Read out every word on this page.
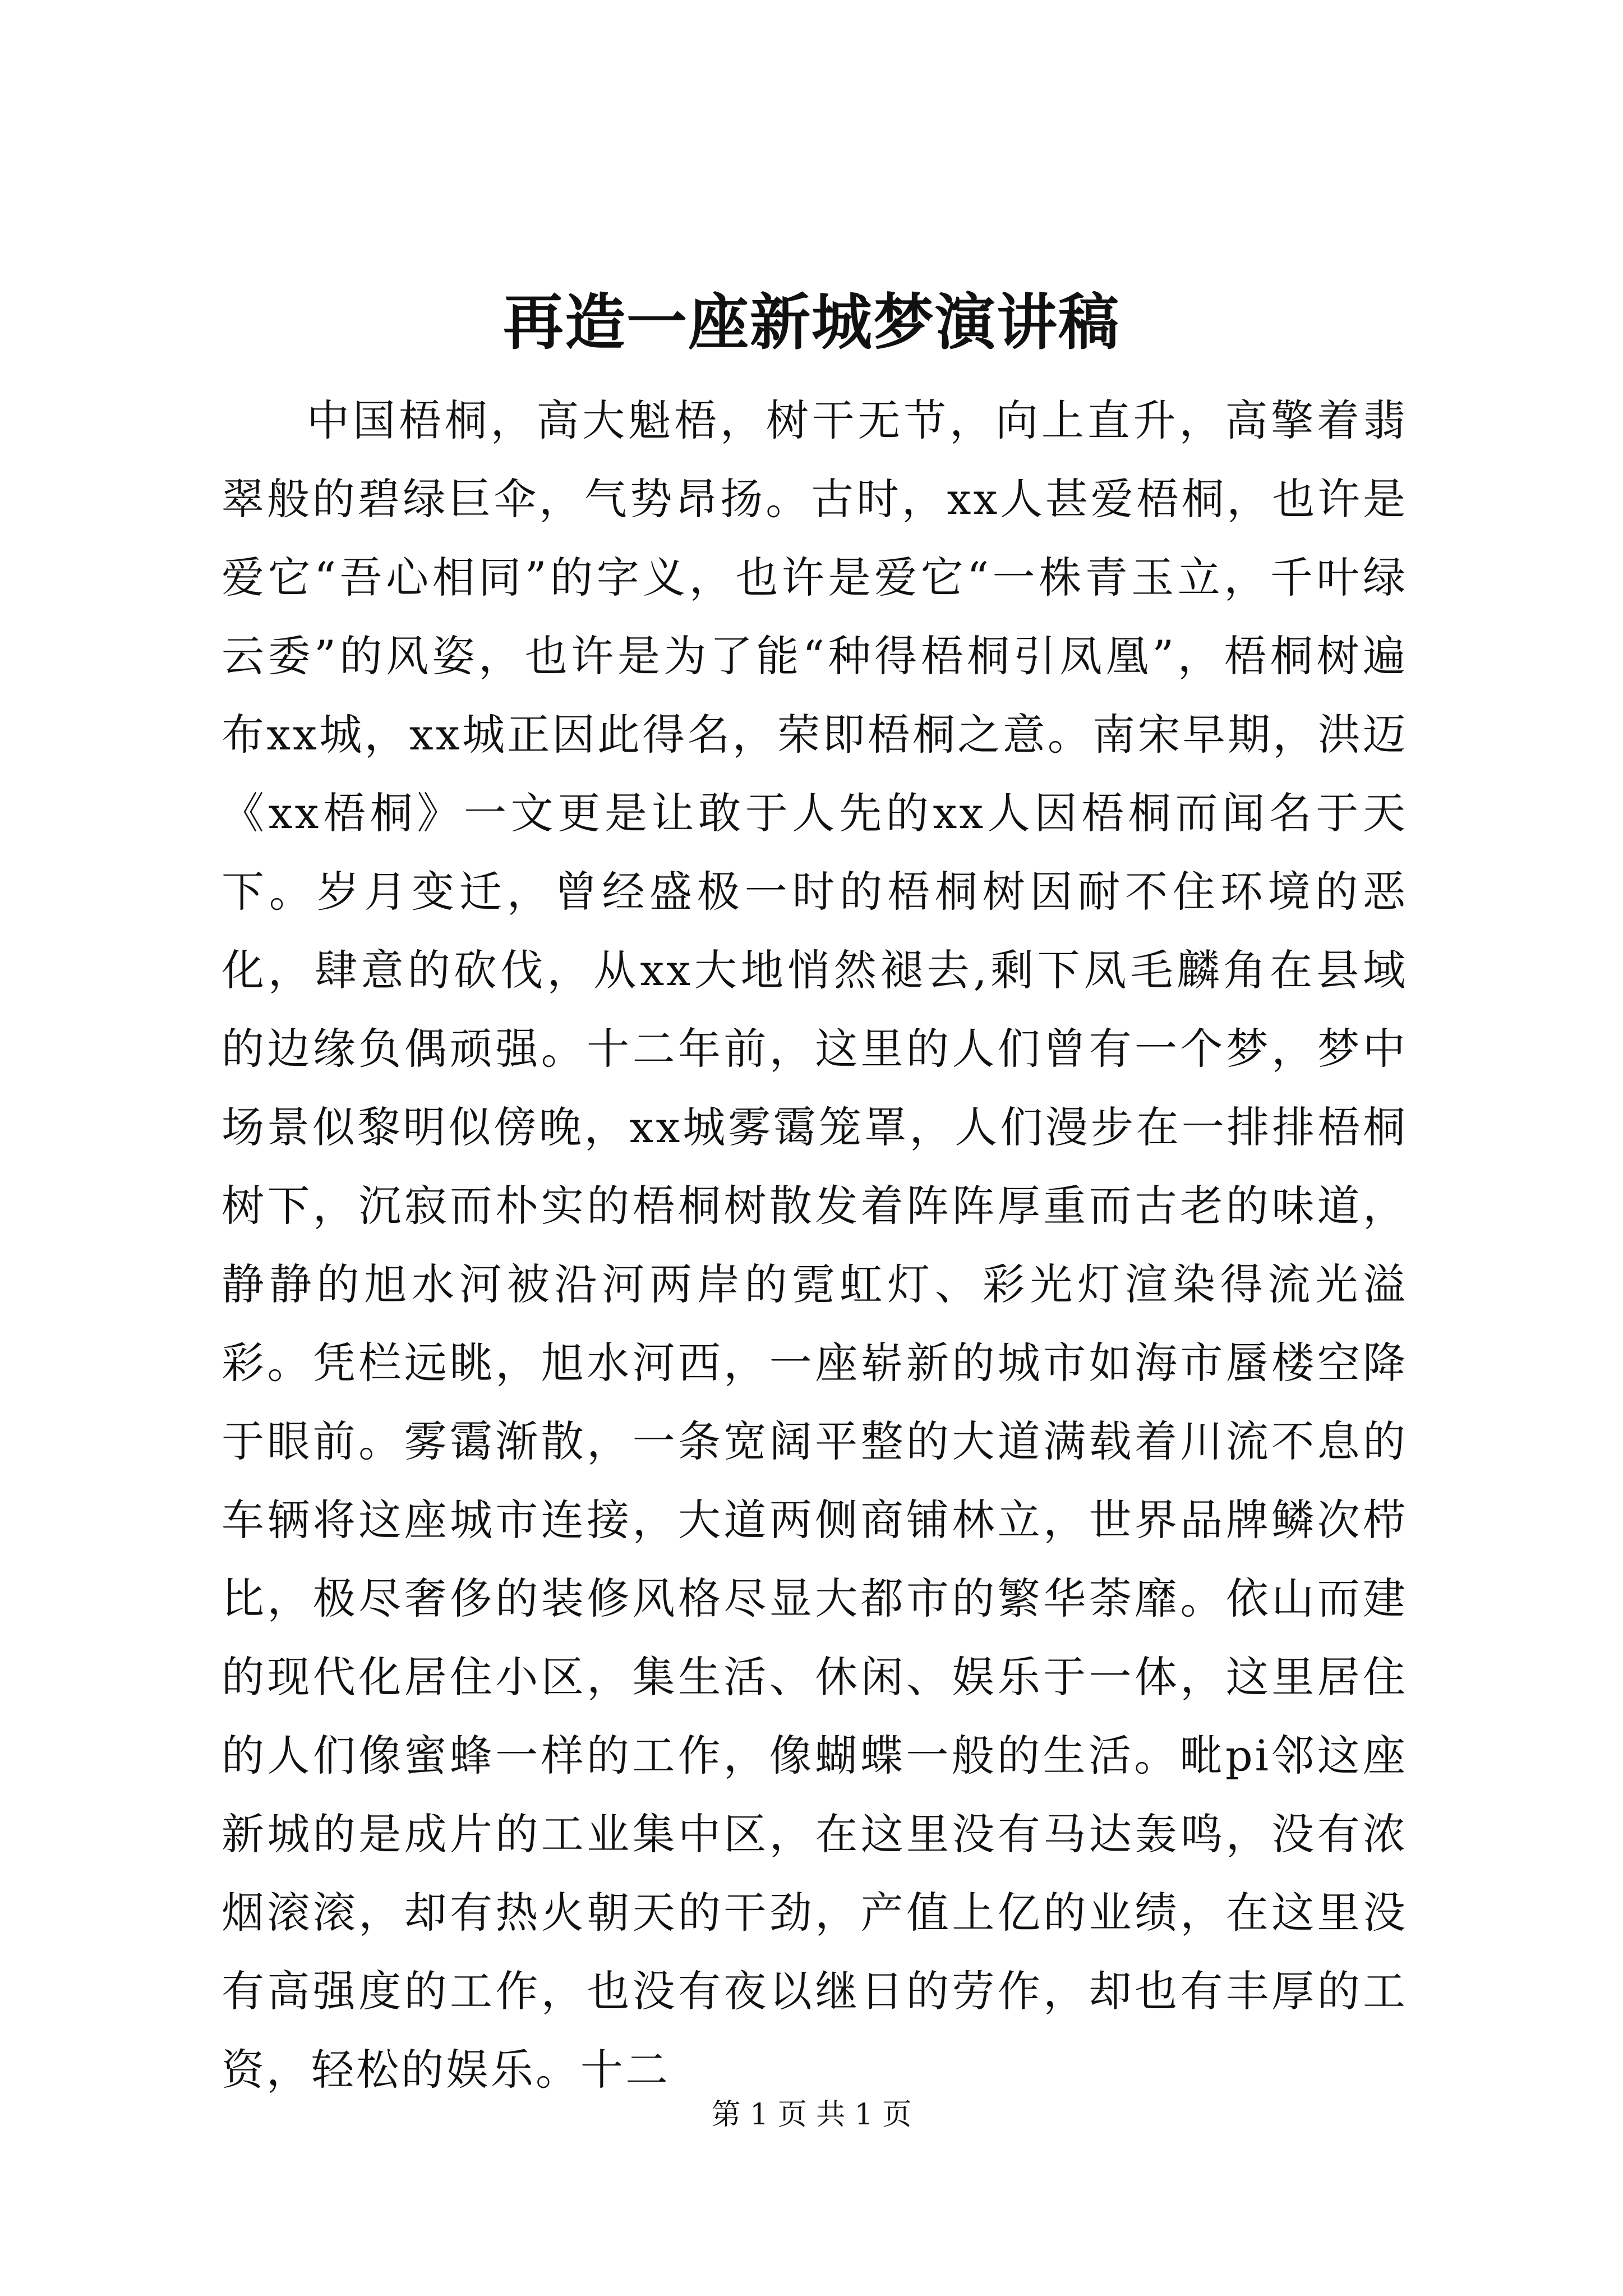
再造一座新城梦演讲稿

中国梧桐，高大魁梧，树干无节，向上直升，高擎着翡翠般的碧绿巨伞，气势昂扬。古时，xx人甚爱梧桐，也许是爱它“吾心相同”的字义，也许是爱它“一株青玉立，千叶绿云委”的风姿，也许是为了能“种得梧桐引凤凰”，梧桐树遍布xx城，xx城正因此得名，荣即梧桐之意。南宋早期，洪迈《xx梧桐》一文更是让敢于人先的xx人因梧桐而闻名于天下。岁月变迁，曾经盛极一时的梧桐树因耐不住环境的恶化，肆意的砍伐，从xx大地悄然褪去,剩下凤毛麟角在县域的边缘负偶顽强。十二年前，这里的人们曾有一个梦，梦中场景似黎明似傍晚，xx城雾霭笼罩，人们漫步在一排排梧桐树下，沉寂而朴实的梧桐树散发着阵阵厚重而古老的味道，静静的旭水河被沿河两岸的霓虹灯、彩光灯渲染得流光溢彩。凭栏远眺，旭水河西，一座崭新的城市如海市蜃楼空降于眼前。雾霭渐散，一条宽阔平整的大道满载着川流不息的车辆将这座城市连接，大道两侧商铺林立，世界品牌鳞次栉比，极尽奢侈的装修风格尽显大都市的繁华荼靡。依山而建的现代化居住小区，集生活、休闲、娱乐于一体，这里居住的人们像蜜蜂一样的工作，像蝴蝶一般的生活。毗pi邻这座新城的是成片的工业集中区，在这里没有马达轰鸣，没有浓烟滚滚，却有热火朝天的干劲，产值上亿的业绩，在这里没有高强度的工作，也没有夜以继日的劳作，却也有丰厚的工资，轻松的娱乐。十二

第 1 页 共 1 页
